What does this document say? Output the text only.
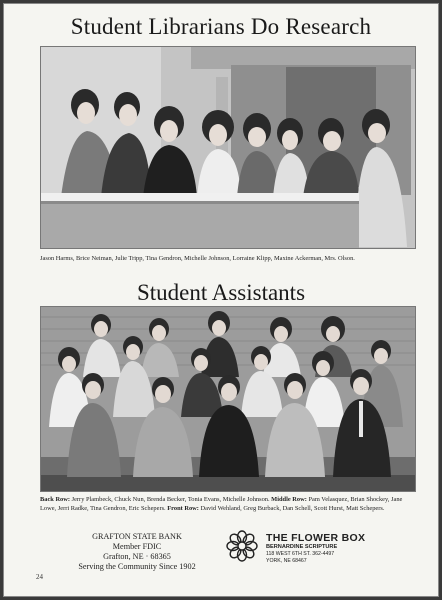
Student Librarians Do Research
Jason Harms, Brice Neiman, Julie Tripp, Tina Gendron, Michelle Johnson, Lorraine Klipp, Maxine Ackerman, Mrs. Olson.
Student Assistants
Back Row: Jerry Plambeck, Chuck Nun, Brenda Becker, Tonia Evans, Michelle Johnson. Middle Row: Pam Velasquez, Brian Shockey, Jane Lowe, Jerri Radke, Tina Gendron, Eric Schepers. Front Row: David Wehland, Greg Burback, Dan Schell, Scott Hurst, Matt Schepers.
GRAFTON STATE BANK
Member FDIC
Grafton, NE · 68365
Serving the Community Since 1902
THE FLOWER BOX
BERNARDINE SCRIPTURE
118 WEST 6TH ST. 362-4497
YORK, NE 68467
24
